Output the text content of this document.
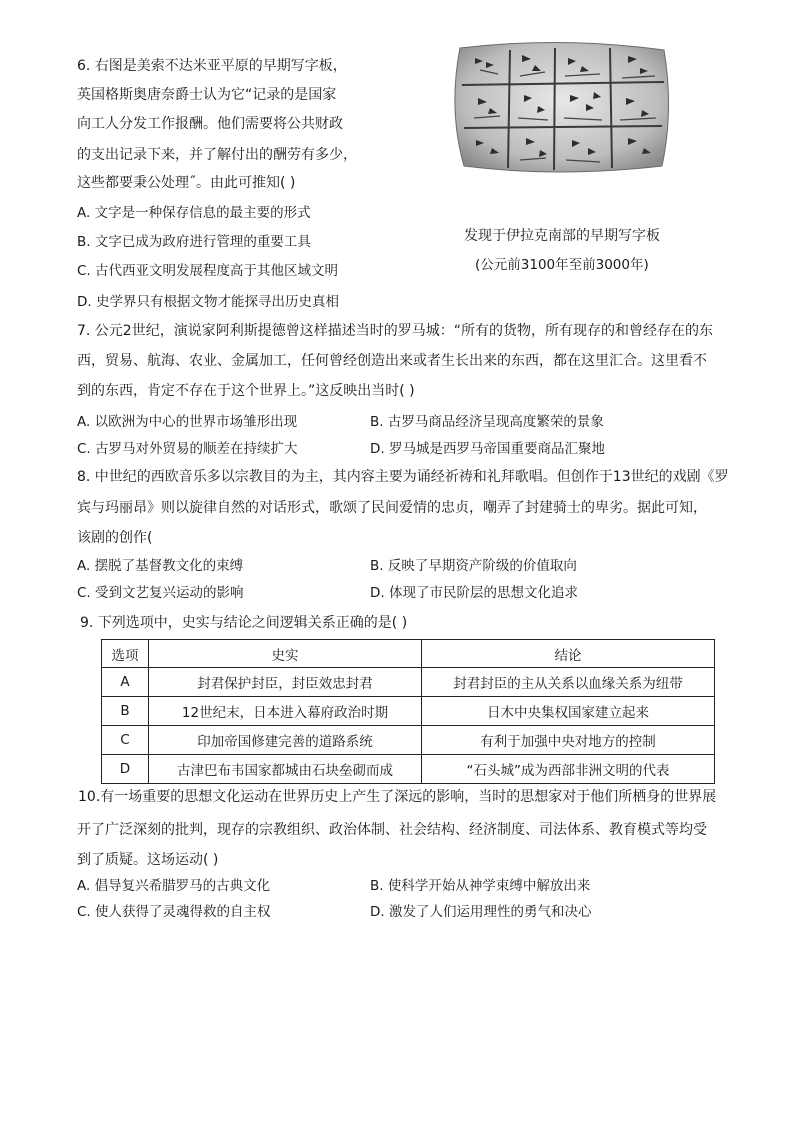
6. 右图是美索不达米亚平原的早期写字板，
英国格斯奥唐奈爵士认为它“记录的是国家
向工人分发工作报酬。他们需要将公共财政
的支出记录下来，并了解付出的酬劳有多少，
这些都要秉公处理˝。由此可推知( )
A. 文字是一种保存信息的最主要的形式
B. 文字已成为政府进行管理的重要工具
C. 古代西亚文明发展程度高于其他区域文明
D. 史学界只有根据文物才能探寻出历史真相
发现于伊拉克南部的早期写字板
(公元前3100年至前3000年)
7. 公元2世纪，演说家阿利斯提德曾这样描述当时的罗马城：“所有的货物，所有现存的和曾经存在的东
西，贸易、航海、农业、金属加工，任何曾经创造出来或者生长出来的东西，都在这里汇合。这里看不
到的东西，肯定不存在于这个世界上。”这反映出当时( )
A. 以欧洲为中心的世界市场雏形出现	B. 古罗马商品经济呈现高度繁荣的景象
C. 古罗马对外贸易的顺差在持续扩大	D. 罗马城是西罗马帝国重要商品汇聚地
8. 中世纪的西欧音乐多以宗教目的为主，其内容主要为诵经祈祷和礼拜歌唱。但创作于13世纪的戏剧《罗
宾与玛丽昂》则以旋律自然的对话形式，歌颂了民间爱情的忠贞，嘲弄了封建骑士的卑劣。据此可知，
该剧的创作(
A. 摆脱了基督教文化的束缚	B. 反映了早期资产阶级的价值取向
C. 受到文艺复兴运动的影响	D. 体现了市民阶层的思想文化追求
9. 下列选项中，史实与结论之间逻辑关系正确的是( )
选项	史实	结论
A	封君保护封臣，封臣效忠封君	封君封臣的主从关系以血缘关系为纽带
B	12世纪末，日本进入幕府政治时期	日木中央集权国家建立起来
C	印加帝国修建完善的道路系统	有利于加强中央对地方的控制
D	古津巴布韦国家都城由石块垒砌而成	“石头城”成为西部非洲文明的代表
10.有一场重要的思想文化运动在世界历史上产生了深远的影响，当时的思想家对于他们所栖身的世界展
开了广泛深刻的批判，现存的宗教组织、政治体制、社会结构、经济制度、司法体系、教育模式等均受
到了质疑。这场运动( )
A. 倡导复兴希腊罗马的古典文化	B. 使科学开始从神学束缚中解放出来
C. 使人获得了灵魂得救的自主权	D. 激发了人们运用理性的勇气和决心
